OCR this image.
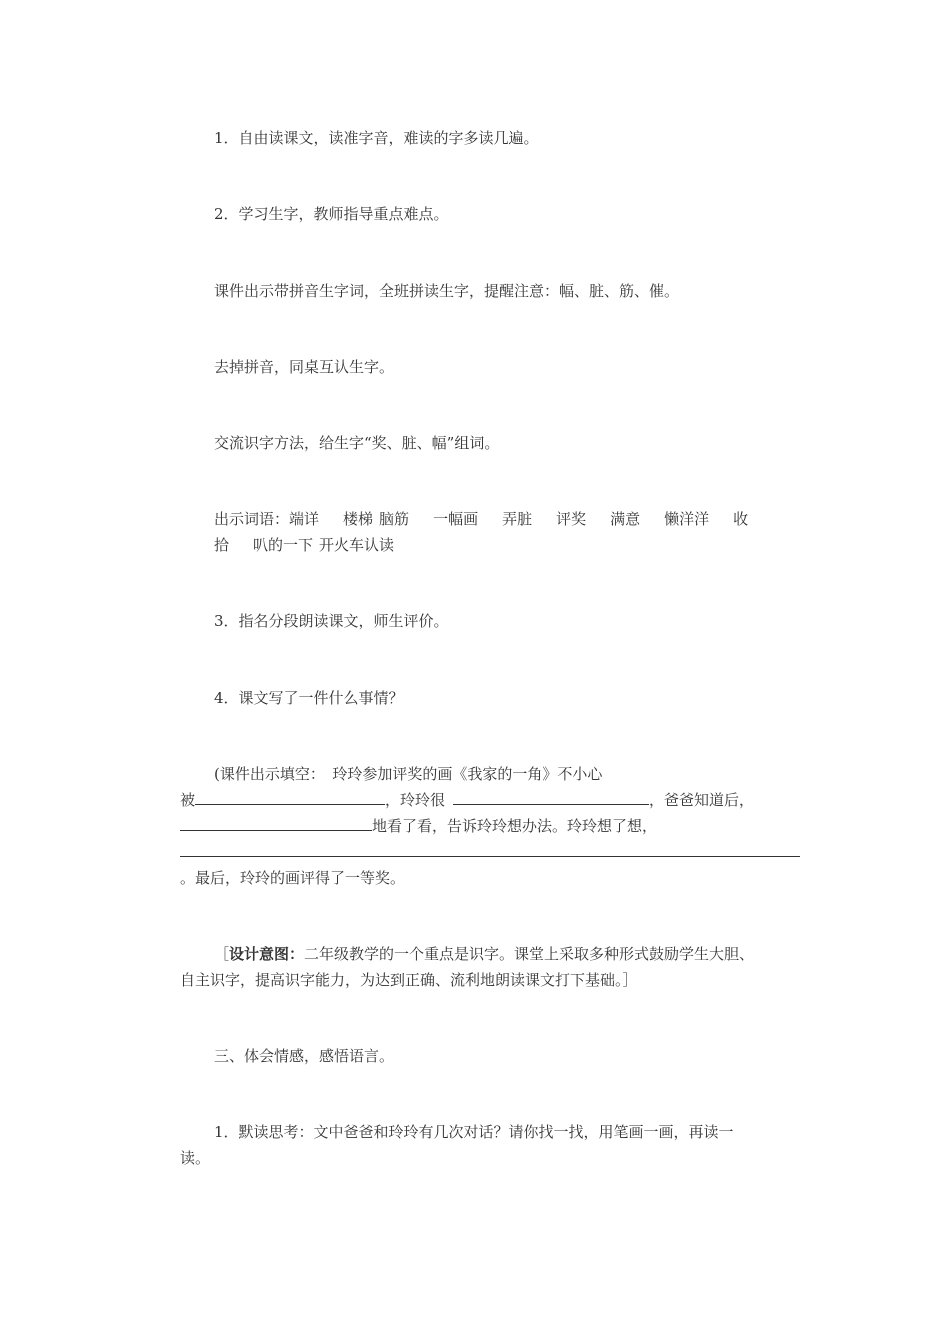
1．自由读课文，读准字音，难读的字多读几遍。
2．学习生字，教师指导重点难点。
课件出示带拼音生字词，全班拼读生字，提醒注意：幅、脏、筋、催。
去掉拼音，同桌互认生字。
交流识字方法，给生字“奖、脏、幅”组词。
出示词语：端详 楼梯 脑筋 一幅画 弄脏 评奖 满意 懒洋洋 收
拾 叭的一下 开火车认读
3．指名分段朗读课文，师生评价。
4．课文写了一件什么事情？
(课件出示填空：　玲玲参加评奖的画《我家的一角》不小心
被	，玲玲很	，爸爸知道后，
地看了看，告诉玲玲想办法。玲玲想了想，
。最后，玲玲的画评得了一等奖。
［设计意图：二年级教学的一个重点是识字。课堂上采取多种形式鼓励学生大胆、
自主识字，提高识字能力，为达到正确、流利地朗读课文打下基础。］
三、体会情感，感悟语言。
1．默读思考：文中爸爸和玲玲有几次对话？请你找一找，用笔画一画，再读一
读。
